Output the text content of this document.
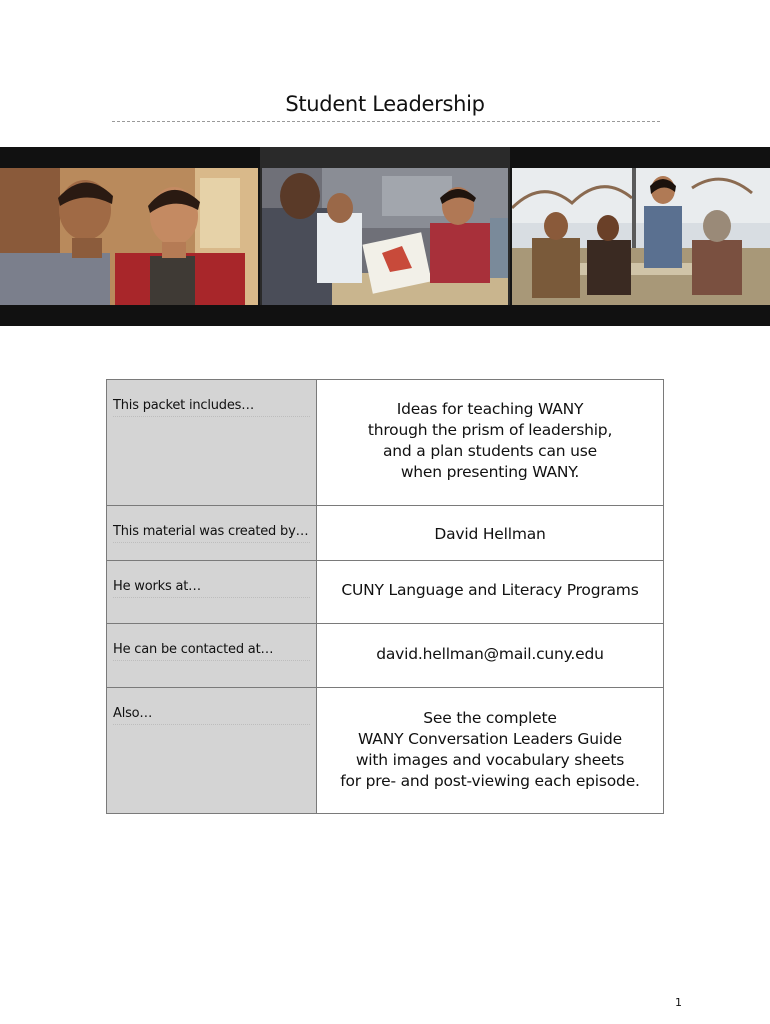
Student Leadership
This packet includes…	Ideas for teaching WANY
through the prism of leadership,
and a plan students can use
when presenting WANY.

This material was created by…	David Hellman

He works at…	CUNY Language and Literacy Programs

He can be contacted at…	david.hellman@mail.cuny.edu

Also…	See the complete
WANY Conversation Leaders Guide
with images and vocabulary sheets
for pre- and post-viewing each episode.
1
